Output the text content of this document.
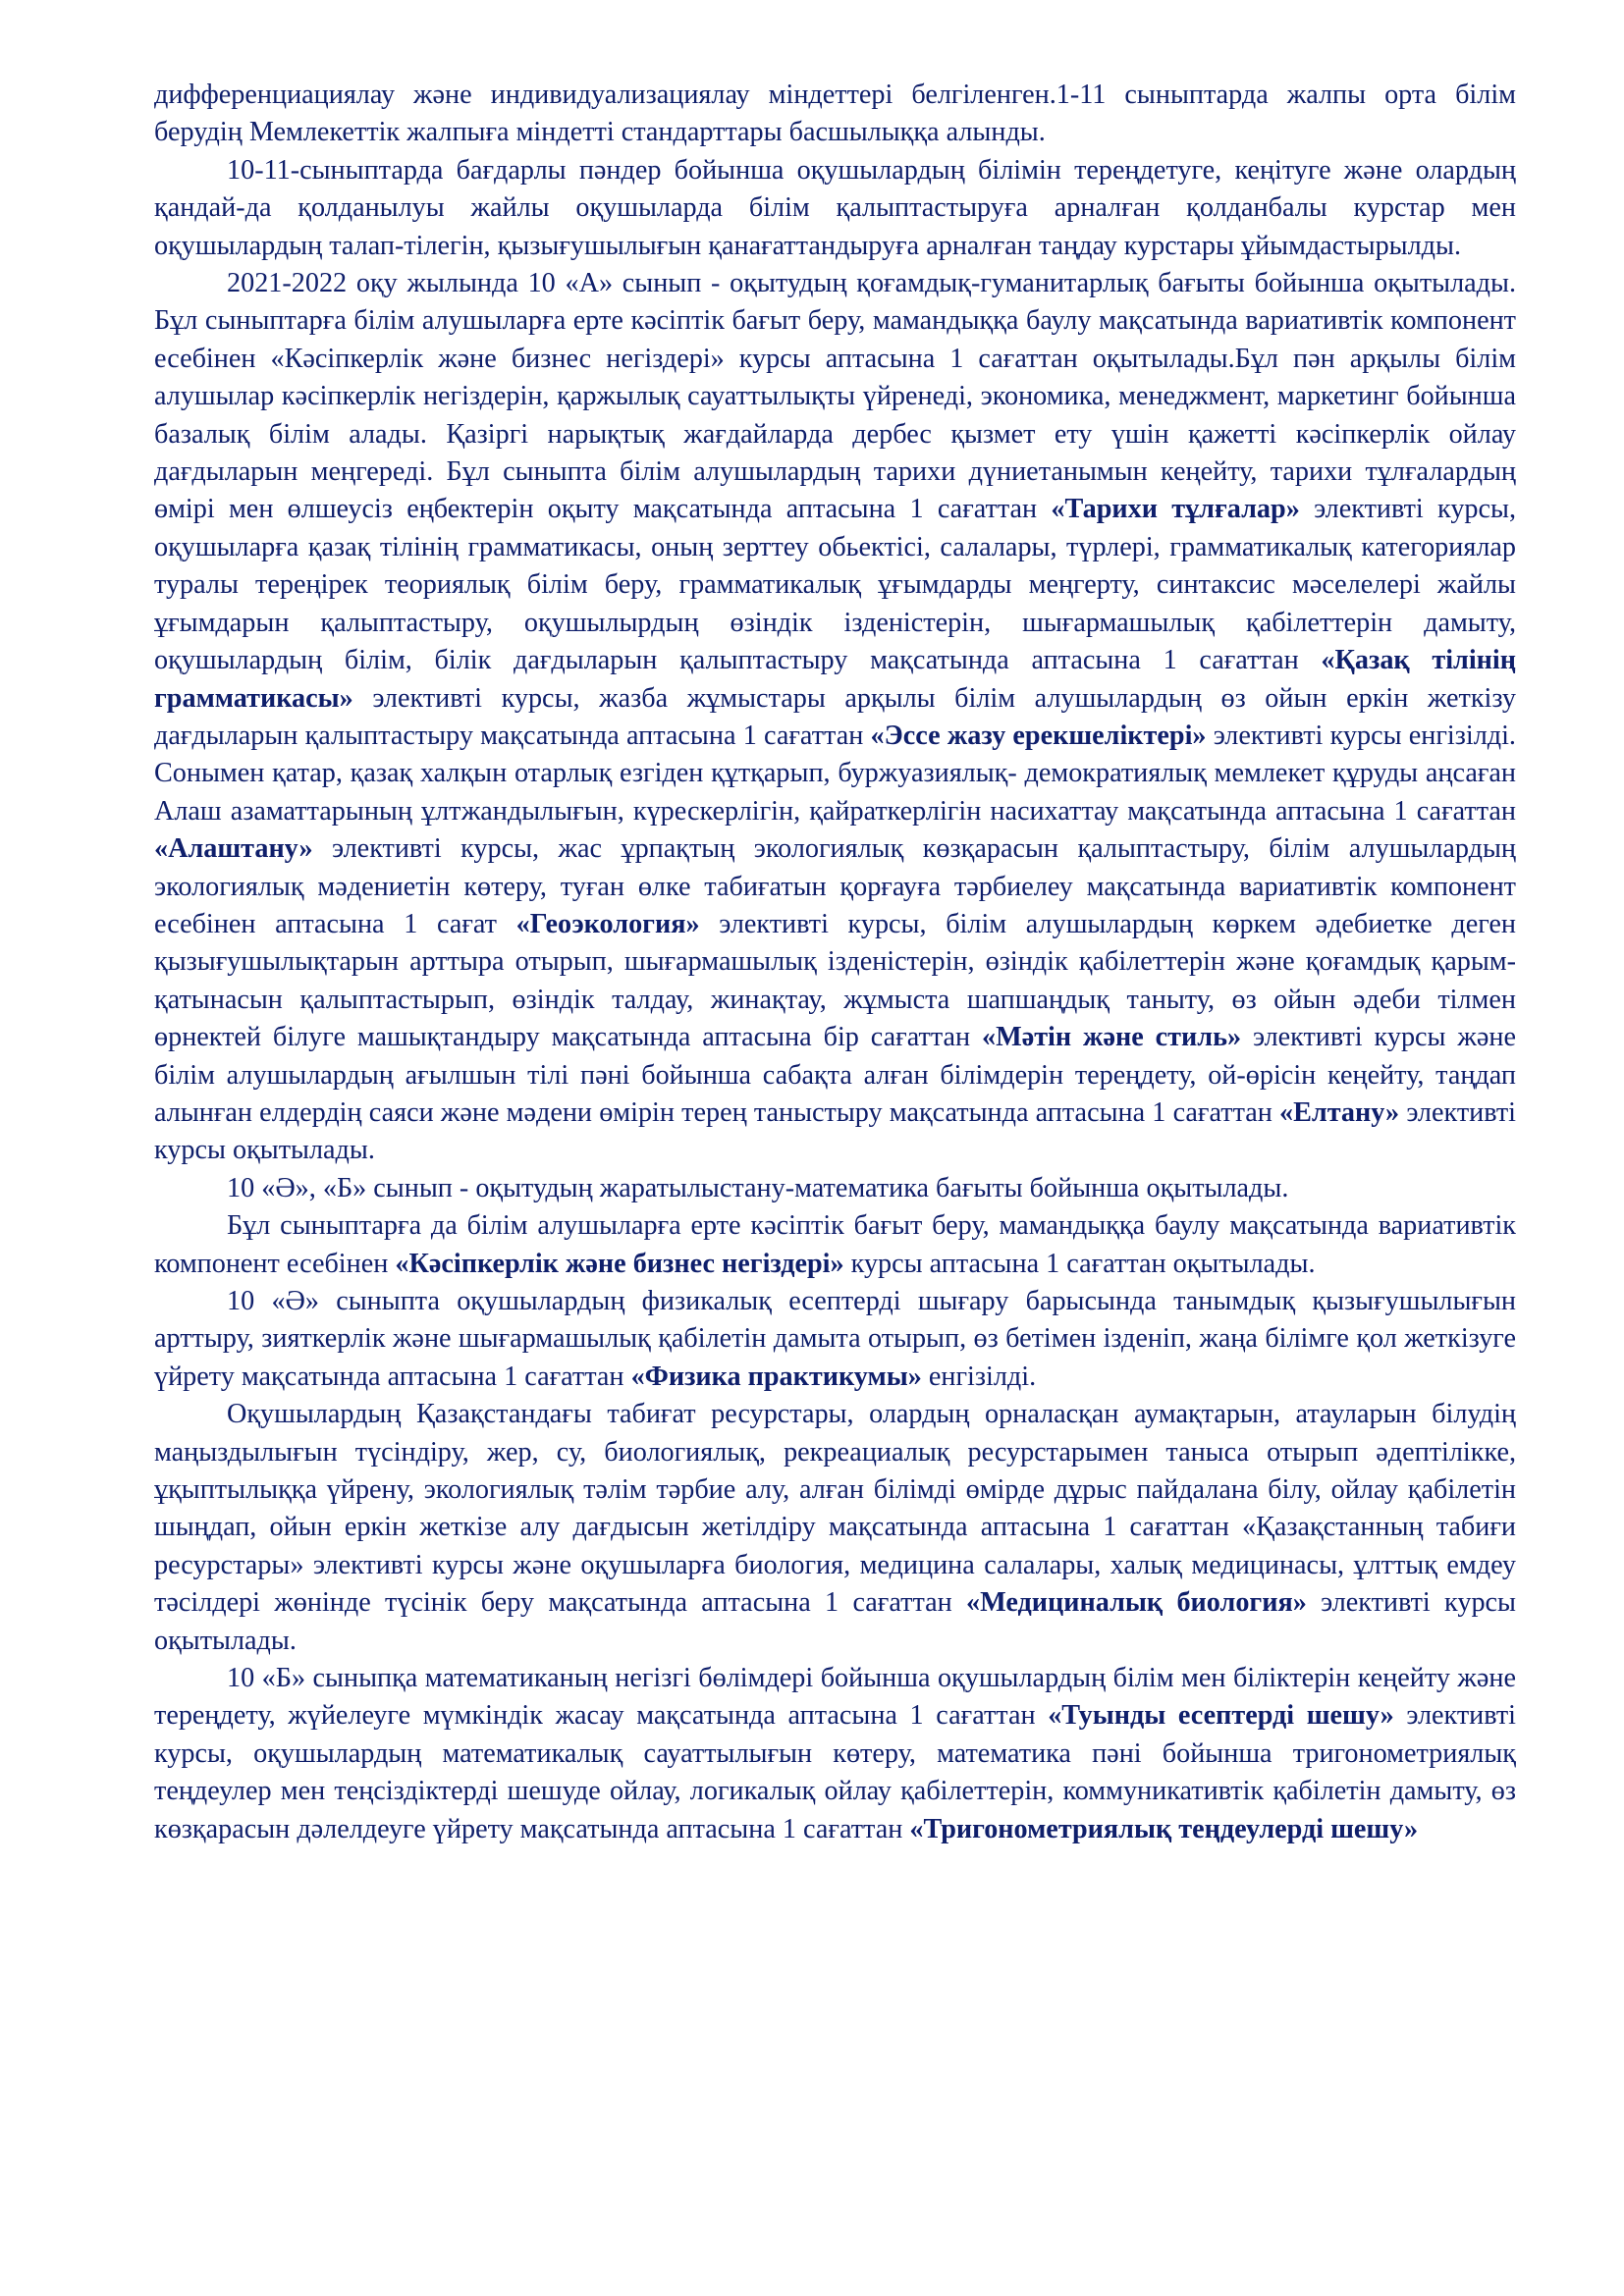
дифференциациялау және индивидуализациялау міндеттері белгіленген.1-11 сыныптарда жалпы орта білім берудің Мемлекеттік жалпыға міндетті стандарттары басшылыққа алынды.

10-11-сыныптарда бағдарлы пәндер бойынша оқушылардың білімін тереңдетуге, кеңітуге және олардың қандай-да қолданылуы жайлы оқушыларда білім қалыптастыруға арналған қолданбалы курстар мен оқушылардың талап-тілегін, қызығушылығын қанағаттандыруға арналған таңдау курстары ұйымдастырылды.

2021-2022 оқу жылында 10 «А» сынып - оқытудың қоғамдық-гуманитарлық бағыты бойынша оқытылады. Бұл сыныптарға білім алушыларға ерте кәсіптік бағыт беру, мамандыққа баулу мақсатында вариативтік компонент есебінен «Кәсіпкерлік және бизнес негіздері» курсы аптасына 1 сағаттан оқытылады.Бұл пән арқылы білім алушылар кәсіпкерлік негіздерін, қаржылық сауаттылықты үйренеді, экономика, менеджмент, маркетинг бойынша базалық білім алады. Қазіргі нарықтық жағдайларда дербес қызмет ету үшін қажетті кәсіпкерлік ойлау дағдыларын меңгереді. Бұл сыныпта білім алушылардың тарихи дүниетанымын кеңейту, тарихи тұлғалардың өмірі мен өлшеусіз еңбектерін оқыту мақсатында аптасына 1 сағаттан «Тарихи тұлғалар» элективті курсы, оқушыларға қазақ тілінің грамматикасы, оның зерттеу обьектісі, салалары, түрлері, грамматикалық категориялар туралы тереңірек теориялық білім беру, грамматикалық ұғымдарды меңгерту, синтаксис мәселелері жайлы ұғымдарын қалыптастыру, оқушылырдың өзіндік ізденістерін, шығармашылық қабілеттерін дамыту, оқушылардың білім, білік дағдыларын қалыптастыру мақсатында аптасына 1 сағаттан «Қазақ тілінің грамматикасы» элективті курсы, жазба жұмыстары арқылы білім алушылардың өз ойын еркін жеткізу дағдыларын қалыптастыру мақсатында аптасына 1 сағаттан «Эссе жазу ерекшеліктері» элективті курсы енгізілді. Сонымен қатар, қазақ халқын отарлық езгіден құтқарып, буржуазиялық- демократиялық мемлекет құруды аңсаған Алаш азаматтарының ұлтжандылығын, күрескерлігін, қайраткерлігін насихаттау мақсатында аптасына 1 сағаттан «Алаштану» элективті курсы, жас ұрпақтың экологиялық көзқарасын қалыптастыру, білім алушылардың экологиялық мәдениетін көтеру, туған өлке табиғатын қорғауға тәрбиелеу мақсатында вариативтік компонент есебінен аптасына 1 сағат «Геоэкология» элективті курсы, білім алушылардың көркем әдебиетке деген қызығушылықтарын арттыра отырып, шығармашылық ізденістерін, өзіндік қабілеттерін және қоғамдық қарым-қатынасын қалыптастырып, өзіндік талдау, жинақтау, жұмыста шапшаңдық таныту, өз ойын әдеби тілмен өрнектей білуге машықтандыру мақсатында аптасына бір сағаттан «Мәтін және стиль» элективті курсы және білім алушылардың ағылшын тілі пәні бойынша сабақта алған білімдерін тереңдету, ой-өрісін кеңейту, таңдап алынған елдердің саяси және мәдени өмірін терең таныстыру мақсатында аптасына 1 сағаттан «Елтану» элективті курсы оқытылады.

10 «Ә», «Б» сынып - оқытудың жаратылыстану-математика бағыты бойынша оқытылады.

Бұл сыныптарға да білім алушыларға ерте кәсіптік бағыт беру, мамандыққа баулу мақсатында вариативтік компонент есебінен «Кәсіпкерлік және бизнес негіздері» курсы аптасына 1 сағаттан оқытылады.

10 «Ә» сыныпта оқушылардың физикалық есептерді шығару барысында танымдық қызығушылығын арттыру, зияткерлік және шығармашылық қабілетін дамыта отырып, өз бетімен ізденіп, жаңа білімге қол жеткізуге үйрету мақсатында аптасына 1 сағаттан «Физика практикумы» енгізілді.

Оқушылардың Қазақстандағы табиғат ресурстары, олардың орналасқан аумақтарын, атауларын білудің маңыздылығын түсіндіру, жер, су, биологиялық, рекреациалық ресурстарымен таныса отырып әдептілікке, ұқыптылыққа үйрену, экологиялық тәлім тәрбие алу, алған білімді өмірде дұрыс пайдалана білу, ойлау қабілетін шыңдап, ойын еркін жеткізе алу дағдысын жетілдіру мақсатында аптасына 1 сағаттан «Қазақстанның табиғи ресурстары» элективті курсы және оқушыларға биология, медицина салалары, халық медицинасы, ұлттық емдеу тәсілдері жөнінде түсінік беру мақсатында аптасына 1 сағаттан «Медициналық биология» элективті курсы оқытылады.

10 «Б» сыныпқа математиканың негізгі бөлімдері бойынша оқушылардың білім мен біліктерін кеңейту және тереңдету, жүйелеуге мүмкіндік жасау мақсатында аптасына 1 сағаттан «Туынды есептерді шешу» элективті курсы, оқушылардың математикалық сауаттылығын көтеру, математика пәні бойынша тригонометриялық теңдеулер мен теңсіздіктерді шешуде ойлау, логикалық ойлау қабілеттерін, коммуникативтік қабілетін дамыту, өз көзқарасын дәлелдеуге үйрету мақсатында аптасына 1 сағаттан «Тригонометриялық теңдеулерді шешу»
